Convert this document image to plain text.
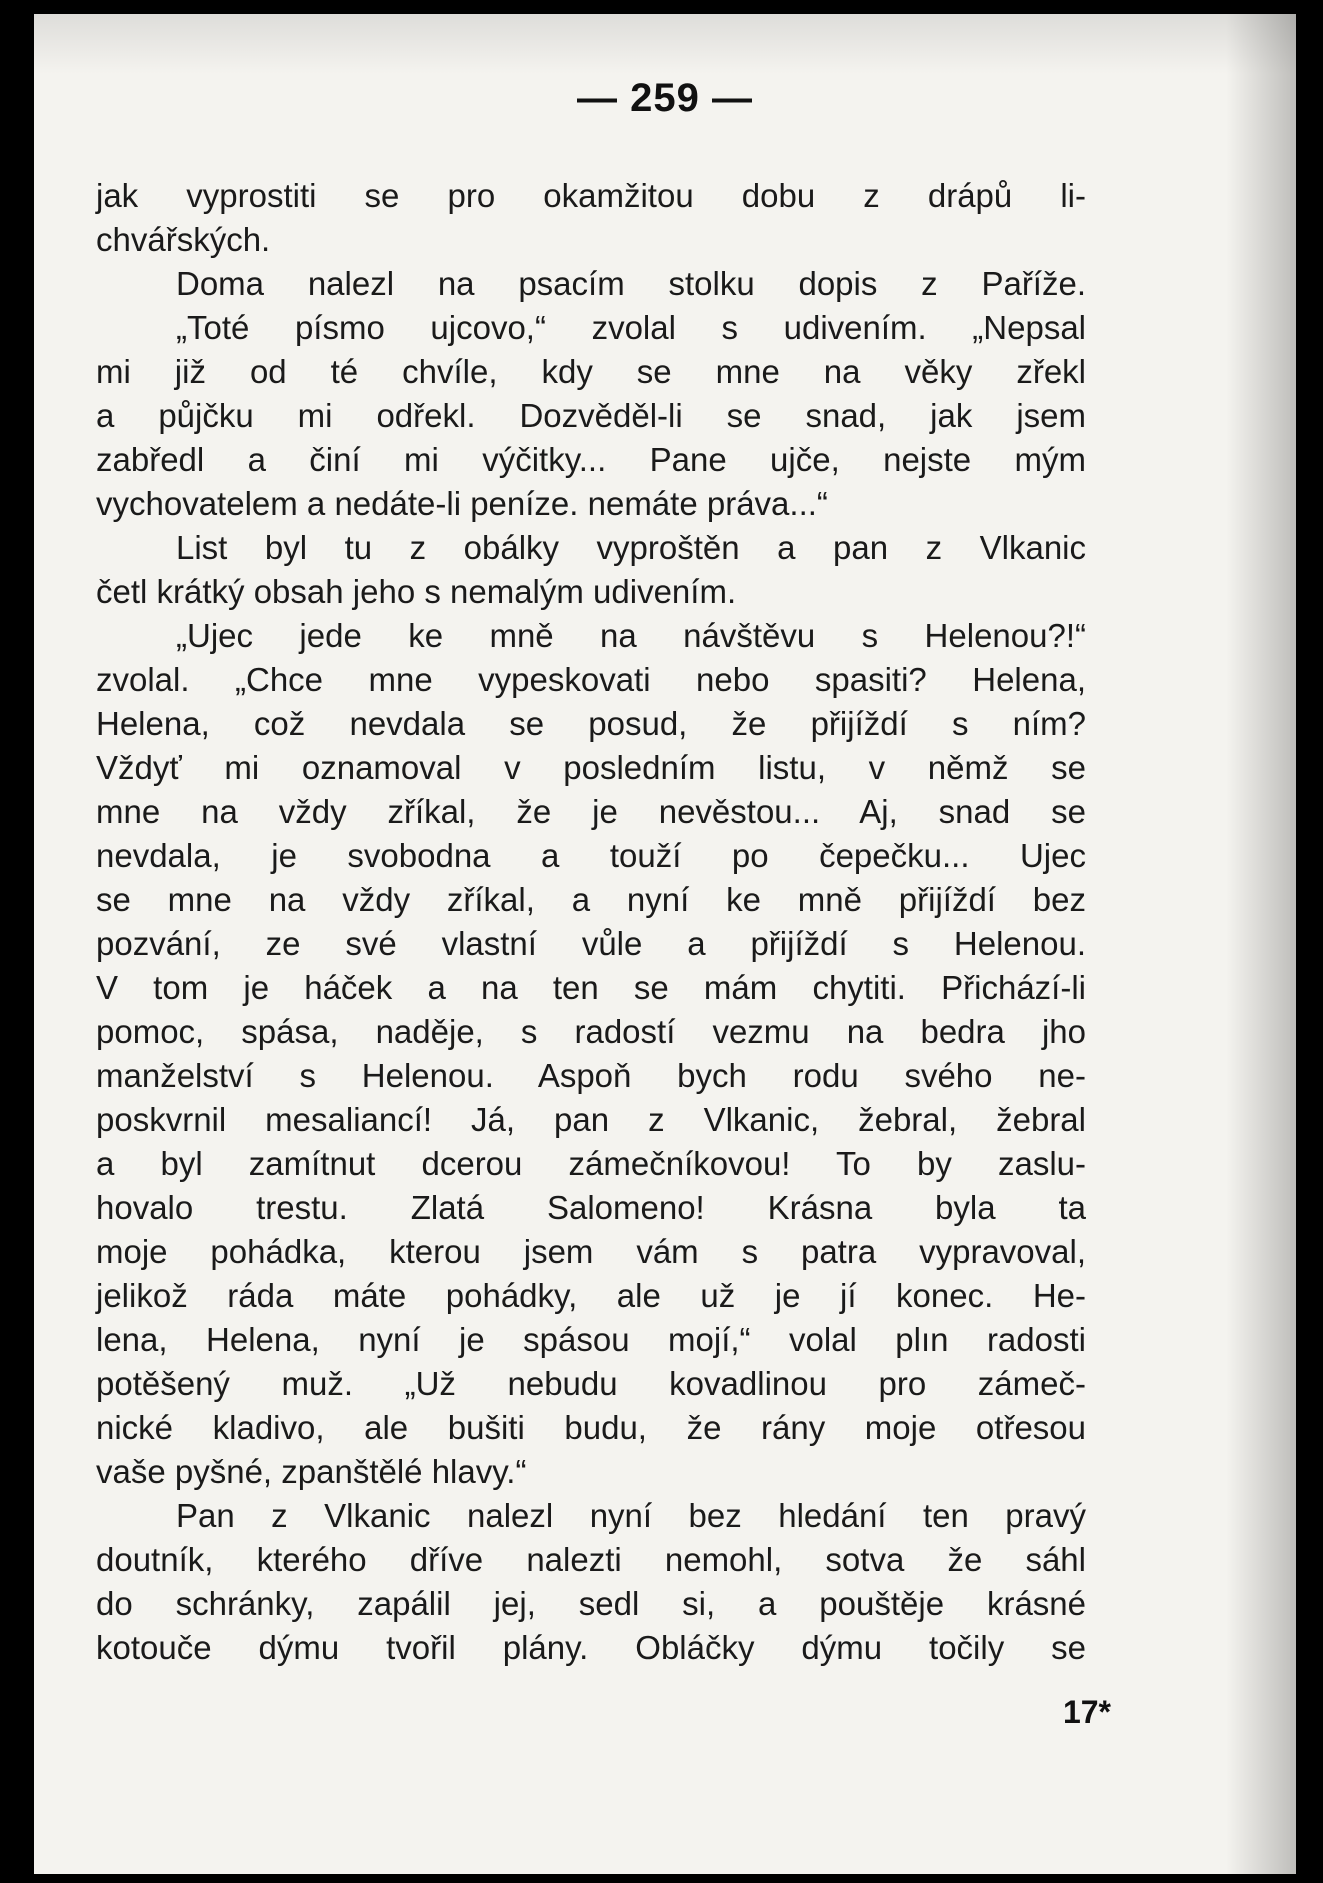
— 259 —
jak vyprostiti se pro okamžitou dobu z drápů li-
chvářských.
Doma nalezl na psacím stolku dopis z Paříže.
„Toté písmo ujcovo,“ zvolal s udivením. „Nepsal
mi již od té chvíle, kdy se mne na věky zřekl
a půjčku mi odřekl. Dozvěděl-li se snad, jak jsem
zabředl a činí mi výčitky... Pane ujče, nejste mým
vychovatelem a nedáte-li peníze. nemáte práva...“
List byl tu z obálky vyproštěn a pan z Vlkanic
četl krátký obsah jeho s nemalým udivením.
„Ujec jede ke mně na návštěvu s Helenou?!“
zvolal. „Chce mne vypeskovati nebo spasiti? Helena,
Helena, což nevdala se posud, že přijíždí s ním?
Vždyť mi oznamoval v posledním listu, v němž se
mne na vždy zříkal, že je nevěstou... Aj, snad se
nevdala, je svobodna a touží po čepečku... Ujec
se mne na vždy zříkal, a nyní ke mně přijíždí bez
pozvání, ze své vlastní vůle a přijíždí s Helenou.
V tom je háček a na ten se mám chytiti. Přichází-li
pomoc, spása, naděje, s radostí vezmu na bedra jho
manželství s Helenou. Aspoň bych rodu svého ne-
poskvrnil mesaliancí! Já, pan z Vlkanic, žebral, žebral
a byl zamítnut dcerou zámečníkovou! To by zaslu-
hovalo trestu. Zlatá Salomeno! Krásna byla ta
moje pohádka, kterou jsem vám s patra vypravoval,
jelikož ráda máte pohádky, ale už je jí konec. He-
lena, Helena, nyní je spásou mojí,“ volal plın radosti
potěšený muž. „Už nebudu kovadlinou pro zámeč-
nické kladivo, ale bušiti budu, že rány moje otřesou
vaše pyšné, zpanštělé hlavy.“
Pan z Vlkanic nalezl nyní bez hledání ten pravý
doutník, kterého dříve nalezti nemohl, sotva že sáhl
do schránky, zapálil jej, sedl si, a pouštěje krásné
kotouče dýmu tvořil plány. Obláčky dýmu točily se
17*
